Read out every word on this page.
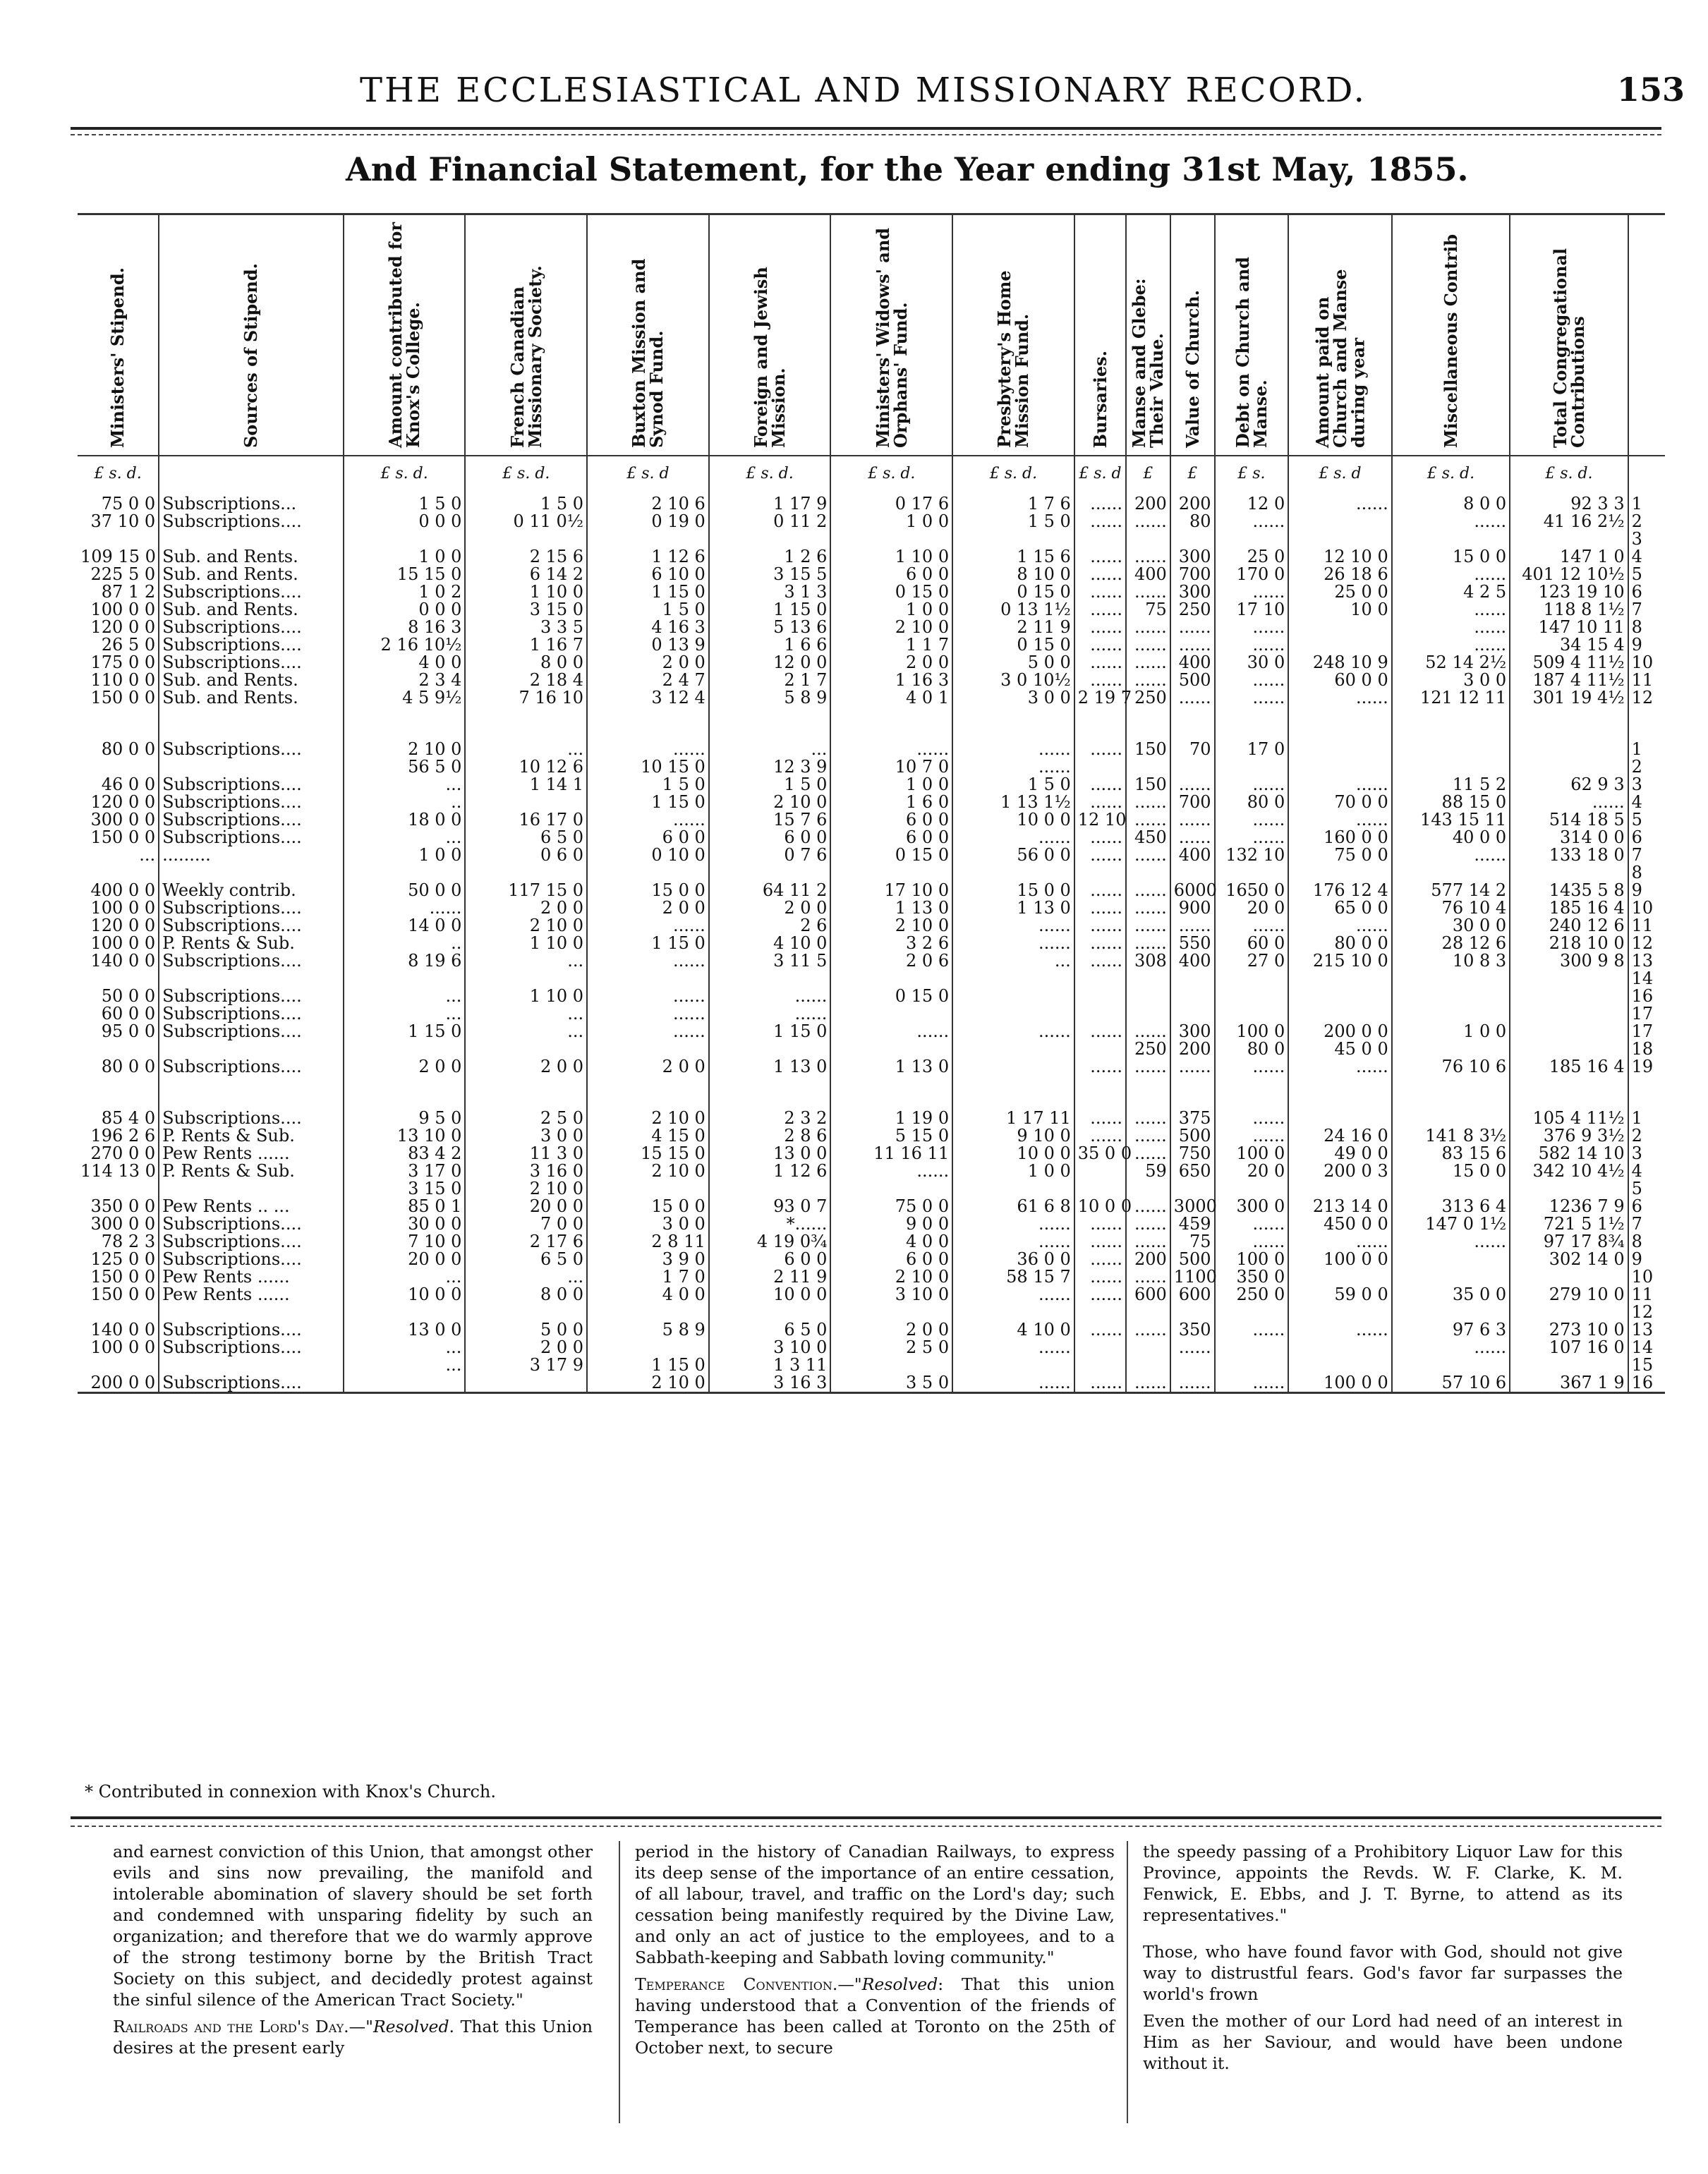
THE ECCLESIASTICAL AND MISSIONARY RECORD.	153
And Financial Statement, for the Year ending 31st May, 1855.
Ministers' Stipend.	Sources of Stipend.	Amount contributed for Knox's College.	French Canadian Missionary Society.	Buxton Mission and Synod Fund.	Foreign and Jewish Mission.	Ministers' Widows' and Orphans' Fund.	Presbytery's Home Mission Fund.	Bursaries.	Manse and Glebe: Their Value.	Value of Church.	Debt on Church and Manse.	Amount paid on Church and Manse during year	Miscellaneous Contrib	Total Congregational Contributions	

£ s. d.		£ s. d.	£ s. d.	£ s. d	£ s. d.	£ s. d.	£ s. d.	£ s. d	£	£	£ s.	£ s. d	£ s. d.	£ s. d.	
75 0 0	Subscriptions...	1 5 0	1 5 0	2 10 6	1 17 9	0 17 6	1 7 6	......	200	200	12 0	......	8 0 0	92 3 3	1
37 10 0	Subscriptions....	0 0 0	0 11 0½	0 19 0	0 11 2	1 0 0	1 5 0	......	......	80	......		......	41 16 2½	2
															3
109 15 0	Sub. and Rents.	1 0 0	2 15 6	1 12 6	1 2 6	1 10 0	1 15 6	......	......	300	25 0	12 10 0	15 0 0	147 1 0	4
225 5 0	Sub. and Rents.	15 15 0	6 14 2	6 10 0	3 15 5	6 0 0	8 10 0	......	400	700	170 0	26 18 6	......	401 12 10½	5
87 1 2	Subscriptions....	1 0 2	1 10 0	1 15 0	3 1 3	0 15 0	0 15 0	......	......	300	......	25 0 0	4 2 5	123 19 10	6
100 0 0	Sub. and Rents.	0 0 0	3 15 0	1 5 0	1 15 0	1 0 0	0 13 1½	......	75	250	17 10	10 0	......	118 8 1½	7
120 0 0	Subscriptions....	8 16 3	3 3 5	4 16 3	5 13 6	2 10 0	2 11 9	......	......	......	......		......	147 10 11	8
26 5 0	Subscriptions....	2 16 10½	1 16 7	0 13 9	1 6 6	1 1 7	0 15 0	......	......	......	......		......	34 15 4	9
175 0 0	Subscriptions....	4 0 0	8 0 0	2 0 0	12 0 0	2 0 0	5 0 0	......	......	400	30 0	248 10 9	52 14 2½	509 4 11½	10
110 0 0	Sub. and Rents.	2 3 4	2 18 4	2 4 7	2 1 7	1 16 3	3 0 10½	......	......	500	......	60 0 0	3 0 0	187 4 11½	11
150 0 0	Sub. and Rents.	4 5 9½	7 16 10	3 12 4	5 8 9	4 0 1	3 0 0	2 19 7	250	......	......	......	121 12 11	301 19 4½	12

80 0 0	Subscriptions....	2 10 0	...	......	...	......	......	......	150	70	17 0				1
		56 5 0	10 12 6	10 15 0	12 3 9	10 7 0	......								2
46 0 0	Subscriptions....	...	1 14 1	1 5 0	1 5 0	1 0 0	1 5 0	......	150	......	......	......	11 5 2	62 9 3	3
120 0 0	Subscriptions....	..		1 15 0	2 10 0	1 6 0	1 13 1½	......	......	700	80 0	70 0 0	88 15 0	......	4
300 0 0	Subscriptions....	18 0 0	16 17 0	......	15 7 6	6 0 0	10 0 0	12 10	......	......	......	......	143 15 11	514 18 5	5
150 0 0	Subscriptions....	...	6 5 0	6 0 0	6 0 0	6 0 0	......	......	450	......	......	160 0 0	40 0 0	314 0 0	6
...	.........	1 0 0	0 6 0	0 10 0	0 7 6	0 15 0	56 0 0	......	......	400	132 10	75 0 0	......	133 18 0	7
															8
400 0 0	Weekly contrib.	50 0 0	117 15 0	15 0 0	64 11 2	17 10 0	15 0 0	......	......	6000	1650 0	176 12 4	577 14 2	1435 5 8	9
100 0 0	Subscriptions....	......	2 0 0	2 0 0	2 0 0	1 13 0	1 13 0	......	......	900	20 0	65 0 0	76 10 4	185 16 4	10
120 0 0	Subscriptions....	14 0 0	2 10 0	......	2 6	2 10 0	......	......	......	......	......	......	30 0 0	240 12 6	11
100 0 0	P. Rents & Sub.	..	1 10 0	1 15 0	4 10 0	3 2 6	......	......	......	550	60 0	80 0 0	28 12 6	218 10 0	12
140 0 0	Subscriptions....	8 19 6	...	......	3 11 5	2 0 6	...	......	308	400	27 0	215 10 0	10 8 3	300 9 8	13
															14
50 0 0	Subscriptions....	...	1 10 0	......	......	0 15 0									16
60 0 0	Subscriptions....	...	...	......	......										17
95 0 0	Subscriptions....	1 15 0	...	......	1 15 0	......	......	......	......	300	100 0	200 0 0	1 0 0		17
									250	200	80 0	45 0 0			18
80 0 0	Subscriptions....	2 0 0	2 0 0	2 0 0	1 13 0	1 13 0		......	......	......	......	......	76 10 6	185 16 4	19

85 4 0	Subscriptions....	9 5 0	2 5 0	2 10 0	2 3 2	1 19 0	1 17 11	......	......	375	......			105 4 11½	1
196 2 6	P. Rents & Sub.	13 10 0	3 0 0	4 15 0	2 8 6	5 15 0	9 10 0	......	......	500	......	24 16 0	141 8 3½	376 9 3½	2
270 0 0	Pew Rents ......	83 4 2	11 3 0	15 15 0	13 0 0	11 16 11	10 0 0	35 0 0	......	750	100 0	49 0 0	83 15 6	582 14 10	3
114 13 0	P. Rents & Sub.	3 17 0	3 16 0	2 10 0	1 12 6	......	1 0 0		59	650	20 0	200 0 3	15 0 0	342 10 4½	4
		3 15 0	2 10 0												5
350 0 0	Pew Rents .. ...	85 0 1	20 0 0	15 0 0	93 0 7	75 0 0	61 6 8	10 0 0	......	3000	300 0	213 14 0	313 6 4	1236 7 9	6
300 0 0	Subscriptions....	30 0 0	7 0 0	3 0 0	*......	9 0 0	......	......	......	459	......	450 0 0	147 0 1½	721 5 1½	7
78 2 3	Subscriptions....	7 10 0	2 17 6	2 8 11	4 19 0¾	4 0 0	......	......	......	75	......	......	......	97 17 8¾	8
125 0 0	Subscriptions....	20 0 0	6 5 0	3 9 0	6 0 0	6 0 0	36 0 0	......	200	500	100 0	100 0 0		302 14 0	9
150 0 0	Pew Rents ......	...	...	1 7 0	2 11 9	2 10 0	58 15 7	......	......	1100	350 0				10
150 0 0	Pew Rents ......	10 0 0	8 0 0	4 0 0	10 0 0	3 10 0	......	......	600	600	250 0	59 0 0	35 0 0	279 10 0	11
															12
140 0 0	Subscriptions....	13 0 0	5 0 0	5 8 9	6 5 0	2 0 0	4 10 0	......	......	350	......	......	97 6 3	273 10 0	13
100 0 0	Subscriptions....	...	2 0 0		3 10 0	2 5 0	......			......			......	107 16 0	14
		...	3 17 9	1 15 0	1 3 11										15
200 0 0	Subscriptions....			2 10 0	3 16 3	3 5 0	......	......	......	......	......	100 0 0	57 10 6	367 1 9	16
* Contributed in connexion with Knox's Church.

and earnest conviction of this Union, that amongst other evils and sins now prevailing, the manifold and intolerable abomination of slavery should be set forth and condemned with unsparing fidelity by such an organization; and therefore that we do warmly approve of the strong testimony borne by the British Tract Society on this subject, and decidedly protest against the sinful silence of the American Tract Society."

Railroads and the Lord's Day.—"Resolved. That this Union desires at the present early

period in the history of Canadian Railways, to express its deep sense of the importance of an entire cessation, of all labour, travel, and traffic on the Lord's day; such cessation being manifestly required by the Divine Law, and only an act of justice to the employees, and to a Sabbath-keeping and Sabbath loving community."

Temperance Convention.—"Resolved: That this union having understood that a Convention of the friends of Temperance has been called at Toronto on the 25th of October next, to secure

the speedy passing of a Prohibitory Liquor Law for this Province, appoints the Revds. W. F. Clarke, K. M. Fenwick, E. Ebbs, and J. T. Byrne, to attend as its representatives."

Those, who have found favor with God, should not give way to distrustful fears. God's favor far surpasses the world's frown

Even the mother of our Lord had need of an interest in Him as her Saviour, and would have been undone without it.
